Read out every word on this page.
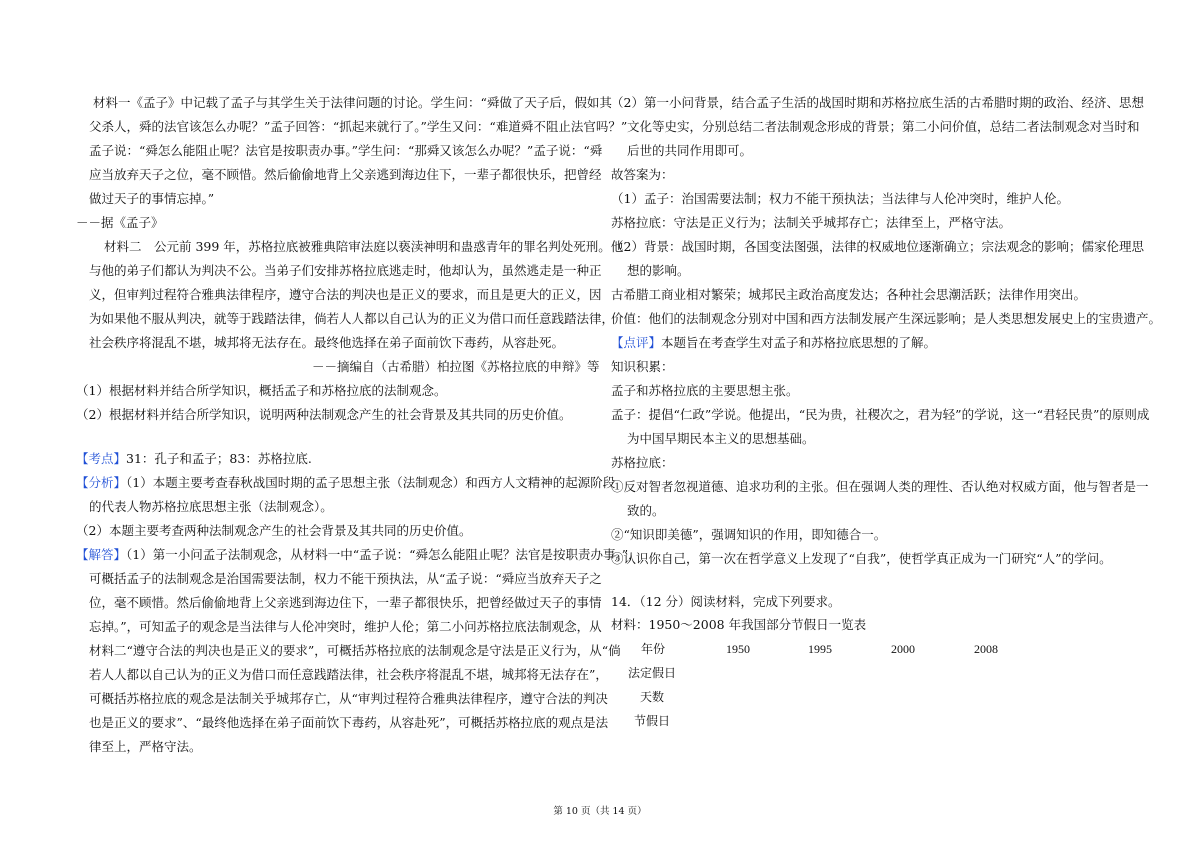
材料一《孟子》中记载了孟子与其学生关于法律问题的讨论。学生问：“舜做了天子后，假如其
父杀人，舜的法官该怎么办呢？”孟子回答：“抓起来就行了。”学生又问：“难道舜不阻止法官吗？”
孟子说：“舜怎么能阻止呢？法官是按职责办事。”学生问：“那舜又该怎么办呢？”孟子说：“舜
应当放弃天子之位，毫不顾惜。然后偷偷地背上父亲逃到海边住下，一辈子都很快乐，把曾经
做过天子的事情忘掉。”
－－据《孟子》
材料二　公元前 399 年，苏格拉底被雅典陪审法庭以亵渎神明和蛊惑青年的罪名判处死刑。他
与他的弟子们都认为判决不公。当弟子们安排苏格拉底逃走时，他却认为，虽然逃走是一种正
义，但审判过程符合雅典法律程序，遵守合法的判决也是正义的要求，而且是更大的正义，因
为如果他不服从判决，就等于践踏法律，倘若人人都以自己认为的正义为借口而任意践踏法律，
社会秩序将混乱不堪，城邦将无法存在。最终他选择在弟子面前饮下毒药，从容赴死。
－－摘编自（古希腊）柏拉图《苏格拉底的申辩》等
（1）根据材料并结合所学知识，概括孟子和苏格拉底的法制观念。
（2）根据材料并结合所学知识，说明两种法制观念产生的社会背景及其共同的历史价值。
【考点】31：孔子和孟子；83：苏格拉底.
【分析】（1）本题主要考查春秋战国时期的孟子思想主张（法制观念）和西方人文精神的起源阶段
的代表人物苏格拉底思想主张（法制观念）。
（2）本题主要考查两种法制观念产生的社会背景及其共同的历史价值。
【解答】（1）第一小问孟子法制观念，从材料一中“孟子说：“舜怎么能阻止呢？法官是按职责办事。”，
可概括孟子的法制观念是治国需要法制，权力不能干预执法，从“孟子说：“舜应当放弃天子之
位，毫不顾惜。然后偷偷地背上父亲逃到海边住下，一辈子都很快乐，把曾经做过天子的事情
忘掉。”，可知孟子的观念是当法律与人伦冲突时，维护人伦；第二小问苏格拉底法制观念，从
材料二“遵守合法的判决也是正义的要求”，可概括苏格拉底的法制观念是守法是正义行为，从“倘
若人人都以自己认为的正义为借口而任意践踏法律，社会秩序将混乱不堪，城邦将无法存在”，
可概括苏格拉底的观念是法制关乎城邦存亡，从“审判过程符合雅典法律程序，遵守合法的判决
也是正义的要求”、“最终他选择在弟子面前饮下毒药，从容赴死”，可概括苏格拉底的观点是法
律至上，严格守法。
（2）第一小问背景，结合孟子生活的战国时期和苏格拉底生活的古希腊时期的政治、经济、思想
文化等史实，分别总结二者法制观念形成的背景；第二小问价值，总结二者法制观念对当时和
后世的共同作用即可。
故答案为：
（1）孟子：治国需要法制；权力不能干预执法；当法律与人伦冲突时，维护人伦。
苏格拉底：守法是正义行为；法制关乎城邦存亡；法律至上，严格守法。
（2）背景：战国时期，各国变法图强，法律的权威地位逐渐确立；宗法观念的影响；儒家伦理思
想的影响。
古希腊工商业相对繁荣；城邦民主政治高度发达；各种社会思潮活跃；法律作用突出。
价值：他们的法制观念分别对中国和西方法制发展产生深远影响；是人类思想发展史上的宝贵遗产。
【点评】本题旨在考查学生对孟子和苏格拉底思想的了解。
知识积累：
孟子和苏格拉底的主要思想主张。
孟子：提倡“仁政”学说。他提出，“民为贵，社稷次之，君为轻”的学说，这一“君轻民贵”的原则成
为中国早期民本主义的思想基础。
苏格拉底：
①反对智者忽视道德、追求功利的主张。但在强调人类的理性、否认绝对权威方面，他与智者是一
致的。
②“知识即美德”，强调知识的作用，即知德合一。
③认识你自己，第一次在哲学意义上发现了“自我”，使哲学真正成为一门研究“人”的学问。
14．（12 分）阅读材料，完成下列要求。
材料：1950～2008 年我国部分节假日一览表
年份	1950	1995	2000	2008
法定假日
天数
节假日
第 10 页（共 14 页）
